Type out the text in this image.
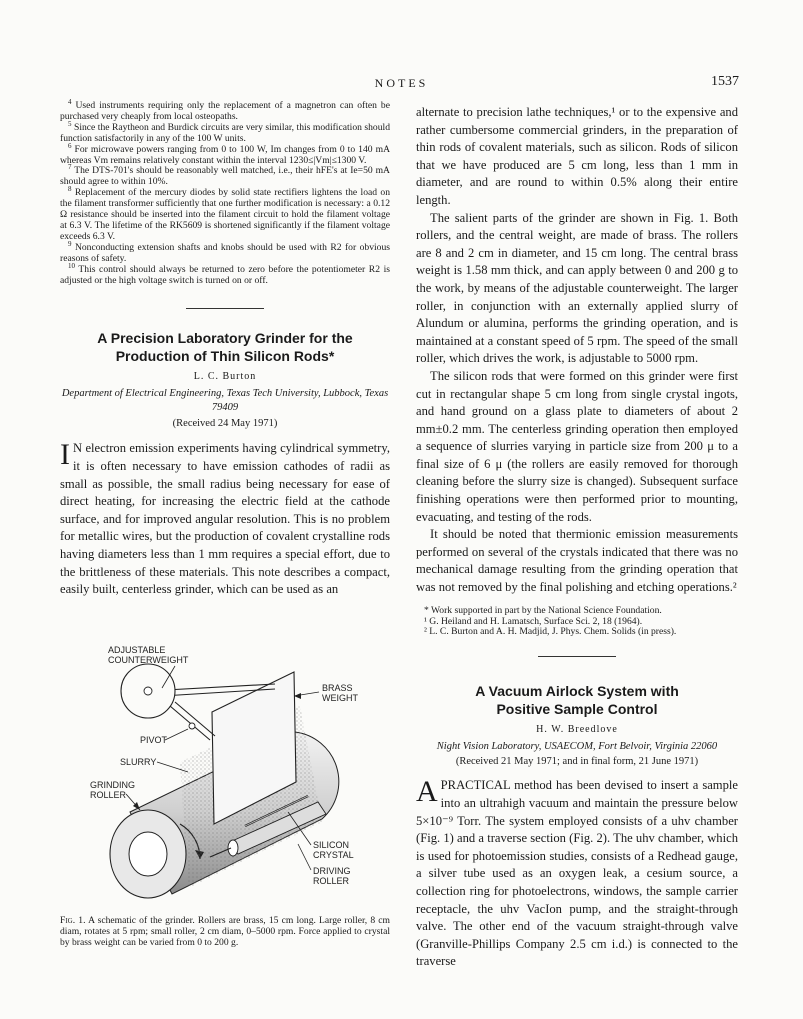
NOTES	1537

$^4$ Used instruments requiring only the replacement of a magnetron can often be purchased very cheaply from local osteopaths.

$^5$ Since the Raytheon and Burdick circuits are very similar, this modification should function satisfactorily in any of the 100 W units.

$^6$ For microwave powers ranging from 0 to 100 W, Im changes from 0 to 140 mA whereas Vm remains relatively constant within the interval 1230≤|Vm|≤1300 V.

$^7$ The DTS-701's should be reasonably well matched, i.e., their hFE's at Ie=50 mA should agree to within 10%.

$^8$ Replacement of the mercury diodes by solid state rectifiers lightens the load on the filament transformer sufficiently that one further modification is necessary: a 0.12 Ω resistance should be inserted into the filament circuit to hold the filament voltage at 6.3 V. The lifetime of the RK5609 is shortened significantly if the filament voltage exceeds 6.3 V.

$^9$ Nonconducting extension shafts and knobs should be used with R2 for obvious reasons of safety.

$^{10}$ This control should always be returned to zero before the potentiometer R2 is adjusted or the high voltage switch is turned on or off.

A Precision Laboratory Grinder for the Production of Thin Silicon Rods*

L. C. Burton

Department of Electrical Engineering, Texas Tech University, Lubbock, Texas 79409

(Received 24 May 1971)

I N electron emission experiments having cylindrical symmetry, it is often necessary to have emission cathodes of radii as small as possible, the small radius being necessary for ease of direct heating, for increasing the electric field at the cathode surface, and for improved angular resolution. This is no problem for metallic wires, but the production of covalent crystalline rods having diameters less than 1 mm requires a special effort, due to the brittleness of these materials. This note describes a compact, easily built, centerless grinder, which can be used as an

ADJUSTABLE
COUNTERWEIGHT
BRASS
WEIGHT
PIVOT
SLURRY
GRINDING
ROLLER
SILICON
CRYSTAL
DRIVING
ROLLER

Fig. 1. A schematic of the grinder. Rollers are brass, 15 cm long. Large roller, 8 cm diam, rotates at 5 rpm; small roller, 2 cm diam, 0–5000 rpm. Force applied to crystal by brass weight can be varied from 0 to 200 g.

alternate to precision lathe techniques,¹ or to the expensive and rather cumbersome commercial grinders, in the preparation of thin rods of covalent materials, such as silicon. Rods of silicon that we have produced are 5 cm long, less than 1 mm in diameter, and are round to within 0.5% along their entire length.

The salient parts of the grinder are shown in Fig. 1. Both rollers, and the central weight, are made of brass. The rollers are 8 and 2 cm in diameter, and 15 cm long. The central brass weight is 1.58 mm thick, and can apply between 0 and 200 g to the work, by means of the adjustable counterweight. The larger roller, in conjunction with an externally applied slurry of Alundum or alumina, performs the grinding operation, and is maintained at a constant speed of 5 rpm. The speed of the small roller, which drives the work, is adjustable to 5000 rpm.

The silicon rods that were formed on this grinder were first cut in rectangular shape 5 cm long from single crystal ingots, and hand ground on a glass plate to diameters of about 2 mm±0.2 mm. The centerless grinding operation then employed a sequence of slurries varying in particle size from 200 μ to a final size of 6 μ (the rollers are easily removed for thorough cleaning before the slurry size is changed). Subsequent surface finishing operations were then performed prior to mounting, evacuating, and testing of the rods.

It should be noted that thermionic emission measurements performed on several of the crystals indicated that there was no mechanical damage resulting from the grinding operation that was not removed by the final polishing and etching operations.²

* Work supported in part by the National Science Foundation.

¹ G. Heiland and H. Lamatsch, Surface Sci. 2, 18 (1964).

² L. C. Burton and A. H. Madjid, J. Phys. Chem. Solids (in press).

A Vacuum Airlock System with Positive Sample Control

H. W. Breedlove

Night Vision Laboratory, USAECOM, Fort Belvoir, Virginia 22060

(Received 21 May 1971; and in final form, 21 June 1971)

APRACTICAL method has been devised to insert a sample into an ultrahigh vacuum and maintain the pressure below 5×10⁻⁹ Torr. The system employed consists of a uhv chamber (Fig. 1) and a traverse section (Fig. 2). The uhv chamber, which is used for photoemission studies, consists of a Redhead gauge, a silver tube used as an oxygen leak, a cesium source, a collection ring for photoelectrons, windows, the sample carrier receptacle, the uhv VacIon pump, and the straight-through valve. The other end of the vacuum straight-through valve (Granville-Phillips Company 2.5 cm i.d.) is connected to the traverse
